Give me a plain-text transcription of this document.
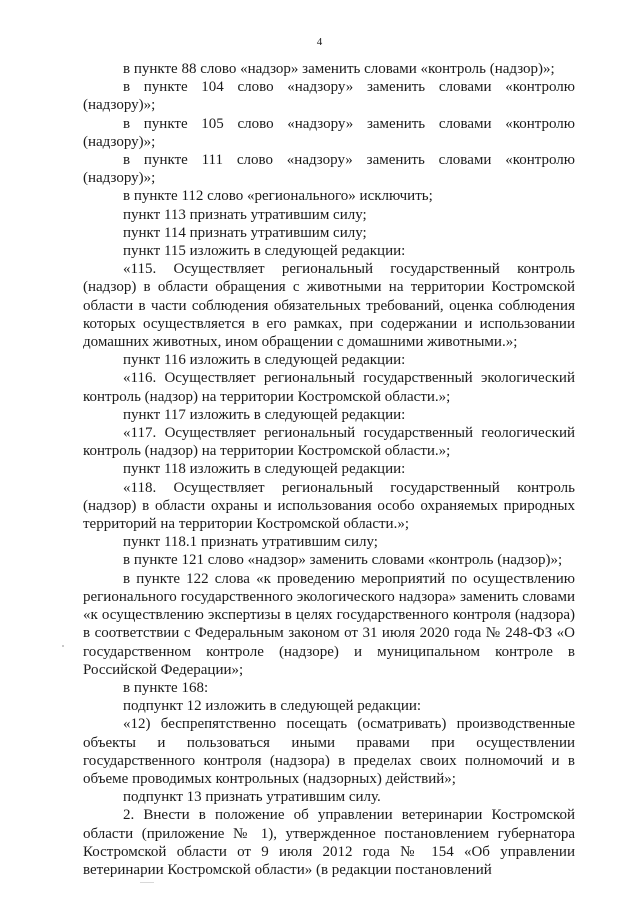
4

в пункте 88 слово «надзор» заменить словами «контроль (надзор)»;

в пункте 104 слово «надзору» заменить словами «контролю (надзору)»;

в пункте 105 слово «надзору» заменить словами «контролю (надзору)»;

в пункте 111 слово «надзору» заменить словами «контролю (надзору)»;

в пункте 112 слово «регионального» исключить;

пункт 113 признать утратившим силу;

пункт 114 признать утратившим силу;

пункт 115 изложить в следующей редакции:

«115. Осуществляет региональный государственный контроль (надзор) в области обращения с животными на территории Костромской области в части соблюдения обязательных требований, оценка соблюдения которых осуществляется в его рамках, при содержании и использовании домашних животных, ином обращении с домашними животными.»;

пункт 116 изложить в следующей редакции:

«116. Осуществляет региональный государственный экологический контроль (надзор) на территории Костромской области.»;

пункт 117 изложить в следующей редакции:

«117. Осуществляет региональный государственный геологический контроль (надзор) на территории Костромской области.»;

пункт 118 изложить в следующей редакции:

«118. Осуществляет региональный государственный контроль (надзор) в области охраны и использования особо охраняемых природных территорий на территории Костромской области.»;

пункт 118.1 признать утратившим силу;

в пункте 121 слово «надзор» заменить словами «контроль (надзор)»;

в пункте 122 слова «к проведению мероприятий по осуществлению регионального государственного экологического надзора» заменить словами «к осуществлению экспертизы в целях государственного контроля (надзора) в соответствии с Федеральным законом от 31 июля 2020 года № 248-ФЗ «О государственном контроле (надзоре) и муниципальном контроле в Российской Федерации»;

в пункте 168:

подпункт 12 изложить в следующей редакции:

«12) беспрепятственно посещать (осматривать) производственные объекты и пользоваться иными правами при осуществлении государственного контроля (надзора) в пределах своих полномочий и в объеме проводимых контрольных (надзорных) действий»;

подпункт 13 признать утратившим силу.

2. Внести в положение об управлении ветеринарии Костромской области (приложение № 1), утвержденное постановлением губернатора Костромской области от 9 июля 2012 года № 154 «Об управлении ветеринарии Костромской области» (в редакции постановлений
